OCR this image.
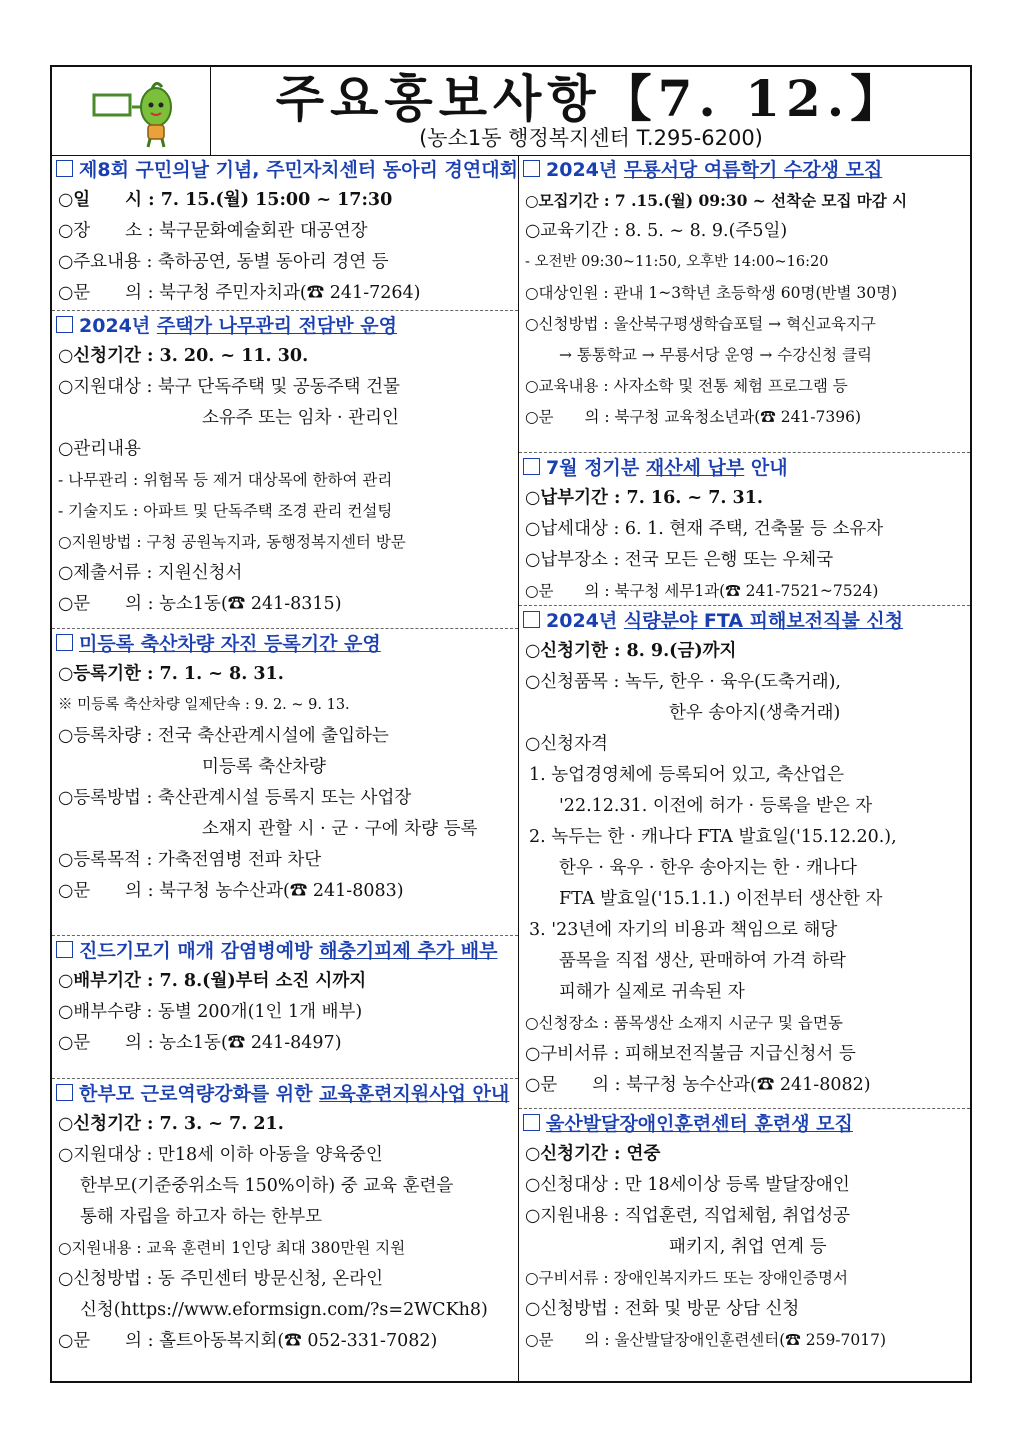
주요홍보사항【7. 12.】
(농소1동 행정복지센터 T.295-6200)
제8회 구민의날 기념, 주민자치센터 동아리 경연대회
○일　　시 : 7. 15.(월) 15:00 ~ 17:30
○장　　소 : 북구문화예술회관 대공연장
○주요내용 : 축하공연, 동별 동아리 경연 등
○문　　의 : 북구청 주민자치과(☎ 241-7264)
2024년 주택가 나무관리 전담반 운영
○신청기간 : 3. 20. ~ 11. 30.
○지원대상 : 북구 단독주택 및 공동주택 건물
소유주 또는 임차 · 관리인
○관리내용
- 나무관리 : 위험목 등 제거 대상목에 한하여 관리
- 기술지도 : 아파트 및 단독주택 조경 관리 컨설팅
○지원방법 : 구청 공원녹지과, 동행정복지센터 방문
○제출서류 : 지원신청서
○문　　의 : 농소1동(☎ 241-8315)
미등록 축산차량 자진 등록기간 운영
○등록기한 : 7. 1. ~ 8. 31.
※ 미등록 축산차량 일제단속 : 9. 2. ~ 9. 13.
○등록차량 : 전국 축산관계시설에 출입하는
미등록 축산차량
○등록방법 : 축산관계시설 등록지 또는 사업장
소재지 관할 시 · 군 · 구에 차량 등록
○등록목적 : 가축전염병 전파 차단
○문　　의 : 북구청 농수산과(☎ 241-8083)
진드기모기 매개 감염병예방 해충기피제 추가 배부
○배부기간 : 7. 8.(월)부터 소진 시까지
○배부수량 : 동별 200개(1인 1개 배부)
○문　　의 : 농소1동(☎ 241-8497)
한부모 근로역량강화를 위한 교육훈련지원사업 안내
○신청기간 : 7. 3. ~ 7. 21.
○지원대상 : 만18세 이하 아동을 양육중인
한부모(기준중위소득 150%이하) 중 교육 훈련을
통해 자립을 하고자 하는 한부모
○지원내용 : 교육 훈련비 1인당 최대 380만원 지원
○신청방법 : 동 주민센터 방문신청, 온라인
신청(https://www.eformsign.com/?s=2WCKh8)
○문　　의 : 홀트아동복지회(☎ 052-331-7082)
2024년 무룡서당 여름학기 수강생 모집
○모집기간 : 7 .15.(월) 09:30 ~ 선착순 모집 마감 시
○교육기간 : 8. 5. ~ 8. 9.(주5일)
- 오전반 09:30~11:50, 오후반 14:00~16:20
○대상인원 : 관내 1~3학년 초등학생 60명(반별 30명)
○신청방법 : 울산북구평생학습포털 → 혁신교육지구
→ 통통학교 → 무룡서당 운영 → 수강신청 클릭
○교육내용 : 사자소학 및 전통 체험 프로그램 등
○문　　의 : 북구청 교육청소년과(☎ 241-7396)
7월 정기분 재산세 납부 안내
○납부기간 : 7. 16. ~ 7. 31.
○납세대상 : 6. 1. 현재 주택, 건축물 등 소유자
○납부장소 : 전국 모든 은행 또는 우체국
○문　　의 : 북구청 세무1과(☎ 241-7521~7524)
2024년 식량분야 FTA 피해보전직불 신청
○신청기한 : 8. 9.(금)까지
○신청품목 : 녹두, 한우 · 육우(도축거래),
한우 송아지(생축거래)
○신청자격
1. 농업경영체에 등록되어 있고, 축산업은
'22.12.31. 이전에 허가 · 등록을 받은 자
2. 녹두는 한 · 캐나다 FTA 발효일('15.12.20.),
한우 · 육우 · 한우 송아지는 한 · 캐나다
FTA 발효일('15.1.1.) 이전부터 생산한 자
3. '23년에 자기의 비용과 책임으로 해당
품목을 직접 생산, 판매하여 가격 하락
피해가 실제로 귀속된 자
○신청장소 : 품목생산 소재지 시군구 및 읍면동
○구비서류 : 피해보전직불금 지급신청서 등
○문　　의 : 북구청 농수산과(☎ 241-8082)
울산발달장애인훈련센터 훈련생 모집
○신청기간 : 연중
○신청대상 : 만 18세이상 등록 발달장애인
○지원내용 : 직업훈련, 직업체험, 취업성공
패키지, 취업 연계 등
○구비서류 : 장애인복지카드 또는 장애인증명서
○신청방법 : 전화 및 방문 상담 신청
○문　　의 : 울산발달장애인훈련센터(☎ 259-7017)
